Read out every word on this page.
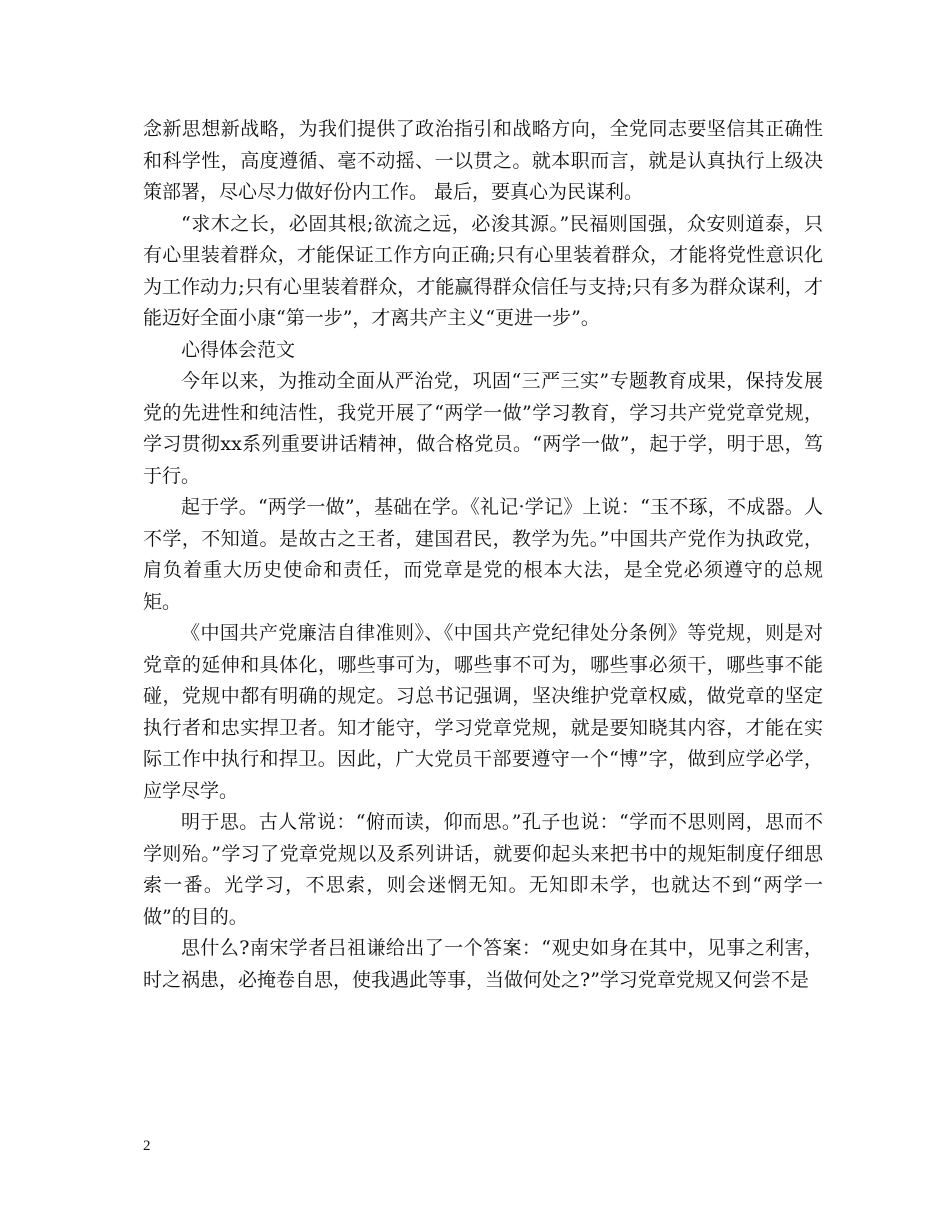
念新思想新战略，为我们提供了政治指引和战略方向，全党同志要坚信其正确性和科学性，高度遵循、毫不动摇、一以贯之。就本职而言，就是认真执行上级决策部署，尽心尽力做好份内工作。 最后，要真心为民谋利。

“求木之长，必固其根;欲流之远，必浚其源。”民福则国强，众安则道泰，只有心里装着群众，才能保证工作方向正确;只有心里装着群众，才能将党性意识化为工作动力;只有心里装着群众，才能赢得群众信任与支持;只有多为群众谋利，才能迈好全面小康“第一步”，才离共产主义“更进一步”。

心得体会范文

今年以来，为推动全面从严治党，巩固“三严三实”专题教育成果，保持发展党的先进性和纯洁性，我党开展了“两学一做”学习教育，学习共产党党章党规，学习贯彻xx系列重要讲话精神，做合格党员。“两学一做”，起于学，明于思，笃于行。

起于学。“两学一做”，基础在学。《礼记·学记》上说：“玉不琢，不成器。人不学，不知道。是故古之王者，建国君民，教学为先。”中国共产党作为执政党，肩负着重大历史使命和责任，而党章是党的根本大法，是全党必须遵守的总规矩。

《中国共产党廉洁自律准则》、《中国共产党纪律处分条例》等党规，则是对党章的延伸和具体化，哪些事可为，哪些事不可为，哪些事必须干，哪些事不能碰，党规中都有明确的规定。习总书记强调，坚决维护党章权威，做党章的坚定执行者和忠实捍卫者。知才能守，学习党章党规，就是要知晓其内容，才能在实际工作中执行和捍卫。因此，广大党员干部要遵守一个“博”字，做到应学必学，应学尽学。

明于思。古人常说：“俯而读，仰而思。”孔子也说：“学而不思则罔，思而不学则殆。”学习了党章党规以及系列讲话，就要仰起头来把书中的规矩制度仔细思索一番。光学习，不思索，则会迷惘无知。无知即未学，也就达不到“两学一做”的目的。

思什么?南宋学者吕祖谦给出了一个答案：“观史如身在其中，见事之利害，时之祸患，必掩卷自思，使我遇此等事，当做何处之?”学习党章党规又何尝不是

2
